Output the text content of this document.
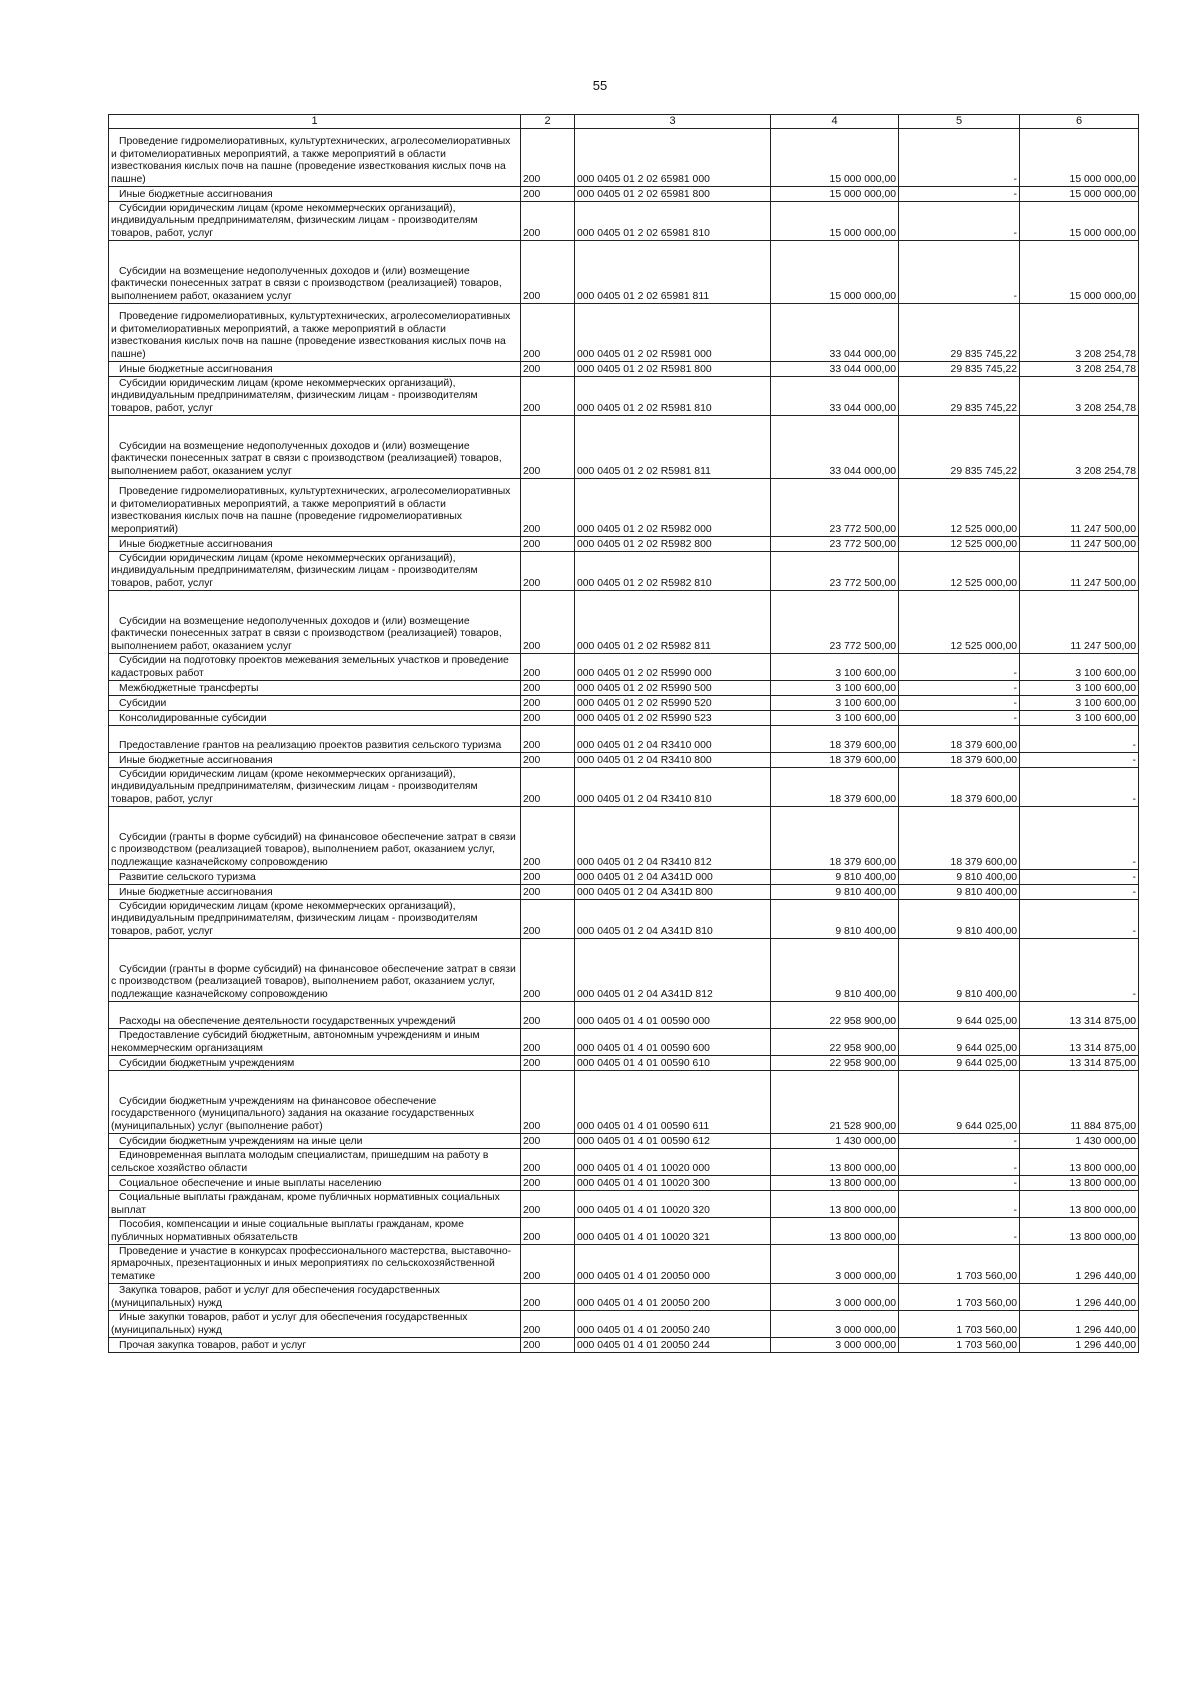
55
1	2	3	4	5	6

Проведение гидромелиоративных, культуртехнических, агролесомелиоративных и фитомелиоративных мероприятий, а также мероприятий в области известкования кислых почв на пашне (проведение известкования кислых почв на пашне)	200	000 0405 01 2 02 65981 000	15 000 000,00	-	15 000 000,00

Иные бюджетные ассигнования	200	000 0405 01 2 02 65981 800	15 000 000,00	-	15 000 000,00

Субсидии юридическим лицам (кроме некоммерческих организаций), индивидуальным предпринимателям, физическим лицам - производителям товаров, работ, услуг	200	000 0405 01 2 02 65981 810	15 000 000,00	-	15 000 000,00

Субсидии на возмещение недополученных доходов и (или) возмещение фактически понесенных затрат в связи с производством (реализацией) товаров, выполнением работ, оказанием услуг	200	000 0405 01 2 02 65981 811	15 000 000,00	-	15 000 000,00

Проведение гидромелиоративных, культуртехнических, агролесомелиоративных и фитомелиоративных мероприятий, а также мероприятий в области известкования кислых почв на пашне (проведение известкования кислых почв на пашне)	200	000 0405 01 2 02 R5981 000	33 044 000,00	29 835 745,22	3 208 254,78

Иные бюджетные ассигнования	200	000 0405 01 2 02 R5981 800	33 044 000,00	29 835 745,22	3 208 254,78

Субсидии юридическим лицам (кроме некоммерческих организаций), индивидуальным предпринимателям, физическим лицам - производителям товаров, работ, услуг	200	000 0405 01 2 02 R5981 810	33 044 000,00	29 835 745,22	3 208 254,78

Субсидии на возмещение недополученных доходов и (или) возмещение фактически понесенных затрат в связи с производством (реализацией) товаров, выполнением работ, оказанием услуг	200	000 0405 01 2 02 R5981 811	33 044 000,00	29 835 745,22	3 208 254,78

Проведение гидромелиоративных, культуртехнических, агролесомелиоративных и фитомелиоративных мероприятий, а также мероприятий в области известкования кислых почв на пашне (проведение гидромелиоративных мероприятий)	200	000 0405 01 2 02 R5982 000	23 772 500,00	12 525 000,00	11 247 500,00

Иные бюджетные ассигнования	200	000 0405 01 2 02 R5982 800	23 772 500,00	12 525 000,00	11 247 500,00

Субсидии юридическим лицам (кроме некоммерческих организаций), индивидуальным предпринимателям, физическим лицам - производителям товаров, работ, услуг	200	000 0405 01 2 02 R5982 810	23 772 500,00	12 525 000,00	11 247 500,00

Субсидии на возмещение недополученных доходов и (или) возмещение фактически понесенных затрат в связи с производством (реализацией) товаров, выполнением работ, оказанием услуг	200	000 0405 01 2 02 R5982 811	23 772 500,00	12 525 000,00	11 247 500,00

Субсидии на подготовку проектов межевания земельных участков и проведение кадастровых работ	200	000 0405 01 2 02 R5990 000	3 100 600,00	-	3 100 600,00

Межбюджетные трансферты	200	000 0405 01 2 02 R5990 500	3 100 600,00	-	3 100 600,00

Субсидии	200	000 0405 01 2 02 R5990 520	3 100 600,00	-	3 100 600,00

Консолидированные субсидии	200	000 0405 01 2 02 R5990 523	3 100 600,00	-	3 100 600,00

Предоставление грантов на реализацию проектов развития сельского туризма	200	000 0405 01 2 04 R3410 000	18 379 600,00	18 379 600,00	-

Иные бюджетные ассигнования	200	000 0405 01 2 04 R3410 800	18 379 600,00	18 379 600,00	-

Субсидии юридическим лицам (кроме некоммерческих организаций), индивидуальным предпринимателям, физическим лицам - производителям товаров, работ, услуг	200	000 0405 01 2 04 R3410 810	18 379 600,00	18 379 600,00	-

Субсидии (гранты в форме субсидий) на финансовое обеспечение затрат в связи с производством (реализацией товаров), выполнением работ, оказанием услуг, подлежащие казначейскому сопровождению	200	000 0405 01 2 04 R3410 812	18 379 600,00	18 379 600,00	-

Развитие сельского туризма	200	000 0405 01 2 04 А341D 000	9 810 400,00	9 810 400,00	-

Иные бюджетные ассигнования	200	000 0405 01 2 04 А341D 800	9 810 400,00	9 810 400,00	-

Субсидии юридическим лицам (кроме некоммерческих организаций), индивидуальным предпринимателям, физическим лицам - производителям товаров, работ, услуг	200	000 0405 01 2 04 А341D 810	9 810 400,00	9 810 400,00	-

Субсидии (гранты в форме субсидий) на финансовое обеспечение затрат в связи с производством (реализацией товаров), выполнением работ, оказанием услуг, подлежащие казначейскому сопровождению	200	000 0405 01 2 04 А341D 812	9 810 400,00	9 810 400,00	-

Расходы на обеспечение деятельности государственных учреждений	200	000 0405 01 4 01 00590 000	22 958 900,00	9 644 025,00	13 314 875,00

Предоставление субсидий бюджетным, автономным учреждениям и иным некоммерческим организациям	200	000 0405 01 4 01 00590 600	22 958 900,00	9 644 025,00	13 314 875,00

Субсидии бюджетным учреждениям	200	000 0405 01 4 01 00590 610	22 958 900,00	9 644 025,00	13 314 875,00

Субсидии бюджетным учреждениям на финансовое обеспечение государственного (муниципального) задания на оказание государственных (муниципальных) услуг (выполнение работ)	200	000 0405 01 4 01 00590 611	21 528 900,00	9 644 025,00	11 884 875,00

Субсидии бюджетным учреждениям на иные цели	200	000 0405 01 4 01 00590 612	1 430 000,00	-	1 430 000,00

Единовременная выплата молодым специалистам, пришедшим на работу в сельское хозяйство области	200	000 0405 01 4 01 10020 000	13 800 000,00	-	13 800 000,00

Социальное обеспечение и иные выплаты населению	200	000 0405 01 4 01 10020 300	13 800 000,00	-	13 800 000,00

Социальные выплаты гражданам, кроме публичных нормативных социальных выплат	200	000 0405 01 4 01 10020 320	13 800 000,00	-	13 800 000,00

Пособия, компенсации и иные социальные выплаты гражданам, кроме публичных нормативных обязательств	200	000 0405 01 4 01 10020 321	13 800 000,00	-	13 800 000,00

Проведение и участие в конкурсах профессионального мастерства, выставочно-ярмарочных, презентационных и иных мероприятиях по сельскохозяйственной тематике	200	000 0405 01 4 01 20050 000	3 000 000,00	1 703 560,00	1 296 440,00

Закупка товаров, работ и услуг для обеспечения государственных (муниципальных) нужд	200	000 0405 01 4 01 20050 200	3 000 000,00	1 703 560,00	1 296 440,00

Иные закупки товаров, работ и услуг для обеспечения государственных (муниципальных) нужд	200	000 0405 01 4 01 20050 240	3 000 000,00	1 703 560,00	1 296 440,00

Прочая закупка товаров, работ и услуг	200	000 0405 01 4 01 20050 244	3 000 000,00	1 703 560,00	1 296 440,00
